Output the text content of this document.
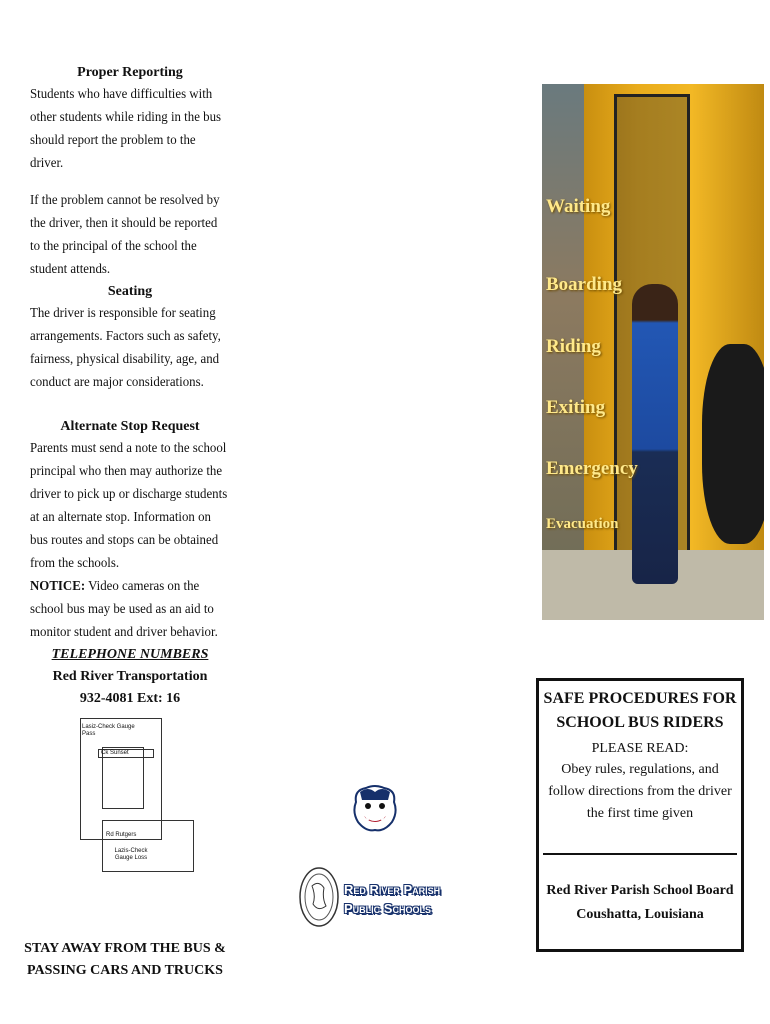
Proper Reporting
Students who have difficulties with other students while riding in the bus should report the problem to the driver.
If the problem cannot be resolved by the driver, then it should be reported to the principal of the school the student attends.
Seating
The driver is responsible for seating arrangements. Factors such as safety, fairness, physical disability, age, and conduct are major considerations.
Alternate Stop Request
Parents must send a note to the school principal who then may authorize the driver to pick up or discharge students at an alternate stop. Information on bus routes and stops can be obtained from the schools.
NOTICE: Video cameras on the school bus may be used as an aid to monitor student and driver behavior.
TELEPHONE NUMBERS
Red River Transportation
932-4081 Ext: 16
Lasiz-Check Gauge Pass
Ck Sunset
Rd Rutgers
Lazis-Check Gauge Loss
STAY AWAY FROM THE BUS & PASSING CARS AND TRUCKS
Waiting
Boarding
Riding
Exiting
Emergency
Evacuation
Red River Parish
Public Schools
SAFE PROCEDURES FOR SCHOOL BUS RIDERS
PLEASE READ:
Obey rules, regulations, and follow directions from the driver the first time given
Red River Parish School Board
Coushatta, Louisiana
